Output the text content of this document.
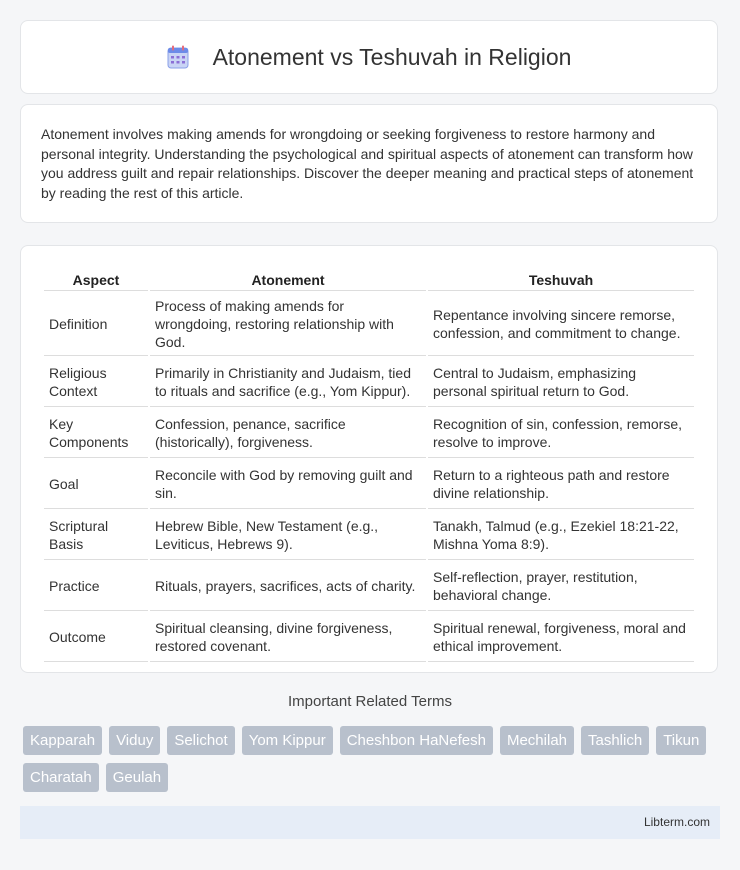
Atonement vs Teshuvah in Religion

Atonement involves making amends for wrongdoing or seeking forgiveness to restore harmony and personal integrity. Understanding the psychological and spiritual aspects of atonement can transform how you address guilt and repair relationships. Discover the deeper meaning and practical steps of atonement by reading the rest of this article.

Aspect	Atonement	Teshuvah
Definition	Process of making amends for wrongdoing, restoring relationship with God.	Repentance involving sincere remorse, confession, and commitment to change.
Religious Context	Primarily in Christianity and Judaism, tied to rituals and sacrifice (e.g., Yom Kippur).	Central to Judaism, emphasizing personal spiritual return to God.
Key Components	Confession, penance, sacrifice (historically), forgiveness.	Recognition of sin, confession, remorse, resolve to improve.
Goal	Reconcile with God by removing guilt and sin.	Return to a righteous path and restore divine relationship.
Scriptural Basis	Hebrew Bible, New Testament (e.g., Leviticus, Hebrews 9).	Tanakh, Talmud (e.g., Ezekiel 18:21-22, Mishna Yoma 8:9).
Practice	Rituals, prayers, sacrifices, acts of charity.	Self-reflection, prayer, restitution, behavioral change.
Outcome	Spiritual cleansing, divine forgiveness, restored covenant.	Spiritual renewal, forgiveness, moral and ethical improvement.
Important Related Terms
Kapparah	Viduy	Selichot	Yom Kippur	Cheshbon HaNefesh	Mechilah	Tashlich	Tikun
Charatah	Geulah
Libterm.com
